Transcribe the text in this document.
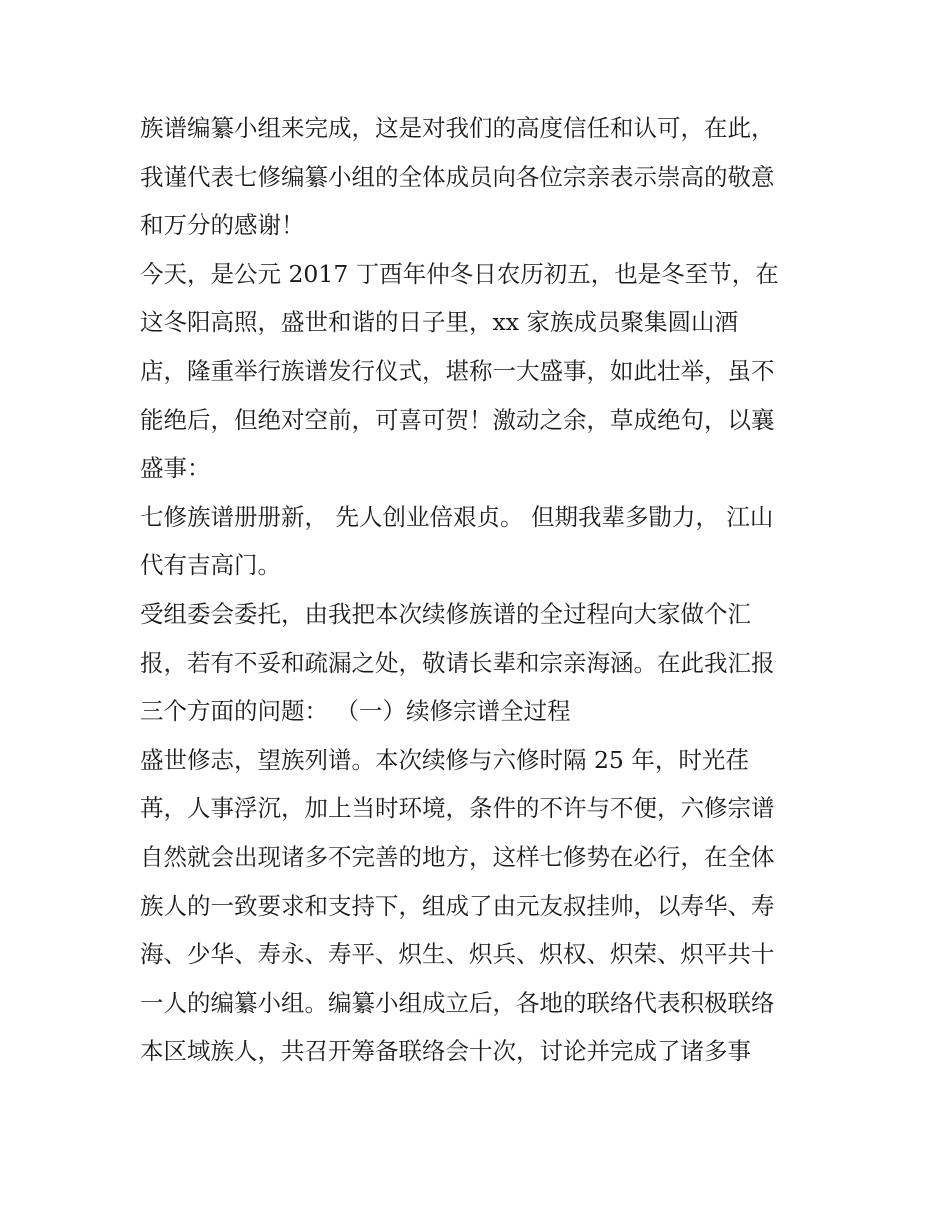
族谱编纂小组来完成，这是对我们的高度信任和认可，在此，
我谨代表七修编纂小组的全体成员向各位宗亲表示崇高的敬意
和万分的感谢！
今天，是公元 2017 丁酉年仲冬日农历初五，也是冬至节，在
这冬阳高照，盛世和谐的日子里，xx 家族成员聚集圆山酒
店，隆重举行族谱发行仪式，堪称一大盛事，如此壮举，虽不
能绝后，但绝对空前，可喜可贺！激动之余，草成绝句，以襄
盛事：
七修族谱册册新， 先人创业倍艰贞。 但期我辈多勖力， 江山
代有吉高门。
受组委会委托，由我把本次续修族谱的全过程向大家做个汇
报，若有不妥和疏漏之处，敬请长辈和宗亲海涵。在此我汇报
三个方面的问题： （一）续修宗谱全过程
盛世修志，望族列谱。本次续修与六修时隔 25 年，时光荏
苒，人事浮沉，加上当时环境，条件的不许与不便，六修宗谱
自然就会出现诸多不完善的地方，这样七修势在必行，在全体
族人的一致要求和支持下，组成了由元友叔挂帅，以寿华、寿
海、少华、寿永、寿平、炽生、炽兵、炽权、炽荣、炽平共十
一人的编纂小组。编纂小组成立后，各地的联络代表积极联络
本区域族人，共召开筹备联络会十次，讨论并完成了诸多事
